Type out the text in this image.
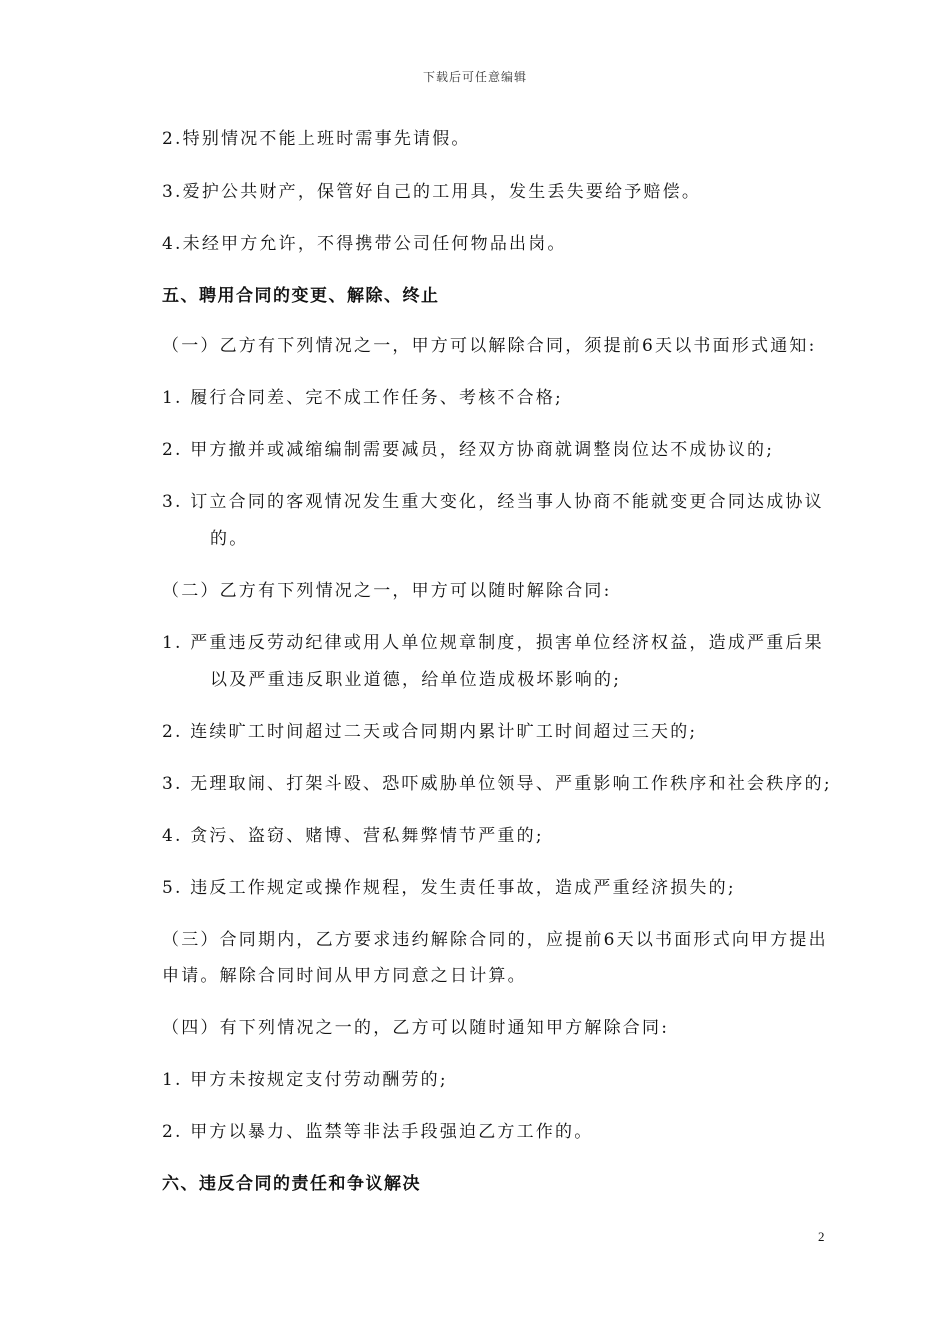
下载后可任意编辑
2.特别情况不能上班时需事先请假。
3.爱护公共财产，保管好自己的工用具，发生丢失要给予赔偿。
4.未经甲方允许，不得携带公司任何物品出岗。
五、聘用合同的变更、解除、终止
（一）乙方有下列情况之一，甲方可以解除合同，须提前6天以书面形式通知:
1. 履行合同差、完不成工作任务、考核不合格;
2. 甲方撤并或减缩编制需要减员，经双方协商就调整岗位达不成协议的;
3. 订立合同的客观情况发生重大变化，经当事人协商不能就变更合同达成协议
的。
（二）乙方有下列情况之一，甲方可以随时解除合同:
1. 严重违反劳动纪律或用人单位规章制度，损害单位经济权益，造成严重后果
以及严重违反职业道德，给单位造成极坏影响的;
2. 连续旷工时间超过二天或合同期内累计旷工时间超过三天的;
3. 无理取闹、打架斗殴、恐吓威胁单位领导、严重影响工作秩序和社会秩序的;
4. 贪污、盗窃、赌博、营私舞弊情节严重的;
5. 违反工作规定或操作规程，发生责任事故，造成严重经济损失的;
（三）合同期内，乙方要求违约解除合同的，应提前6天以书面形式向甲方提出
申请。解除合同时间从甲方同意之日计算。
（四）有下列情况之一的，乙方可以随时通知甲方解除合同:
1. 甲方未按规定支付劳动酬劳的;
2. 甲方以暴力、监禁等非法手段强迫乙方工作的。
六、违反合同的责任和争议解决
2
